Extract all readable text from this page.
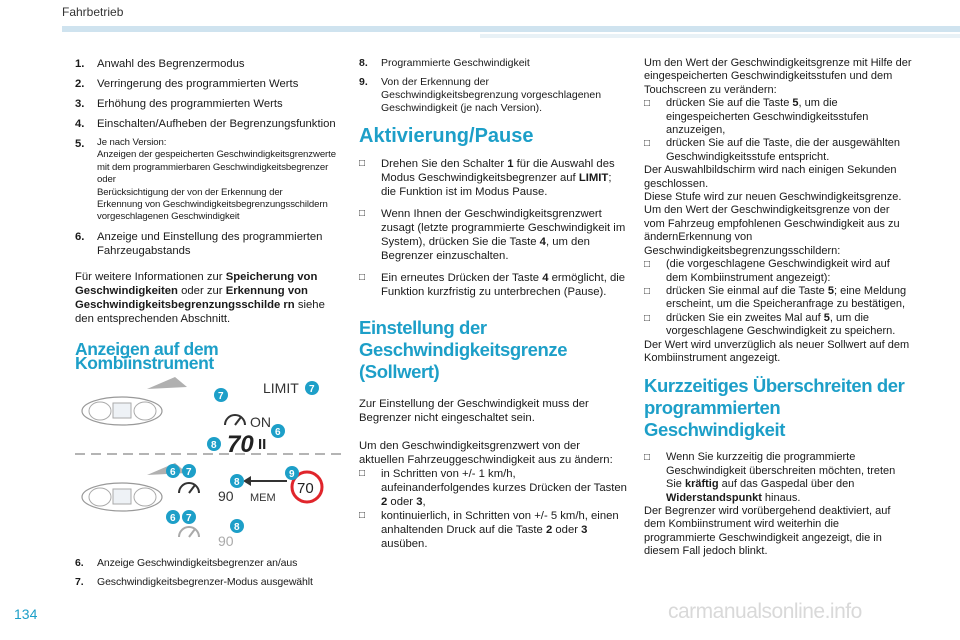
Fahrbetrieb
1.	Anwahl des Begrenzermodus
2.	Verringerung des programmierten Werts
3.	Erhöhung des programmierten Werts
4.	Einschalten/Aufheben der Begrenzungsfunktion
5.	Je nach Version:
Anzeigen der gespeicherten Geschwindigkeitsgrenzwerte
mit dem programmierbaren Geschwindigkeitsbegrenzer
oder
Berücksichtigung der von der Erkennung der
Erkennung von Geschwindigkeitsbegrenzungsschildern
vorgeschlagenen Geschwindigkeit
6.	Anzeige und Einstellung des programmierten
Fahrzeugabstands
Für weitere Informationen zur Speicherung von Geschwindigkeiten oder zur Erkennung von Geschwindigkeitsbegrenzungsschilde rn siehe den entsprechenden Abschnitt.
Anzeigen auf dem Kombiinstrument
LIMIT
ON
70 II
90 MEM
70
90
7
7
6
8
6 7
8
9
6 7
8
6.	Anzeige Geschwindigkeitsbegrenzer an/aus
7.	Geschwindigkeitsbegrenzer-Modus ausgewählt
8.	Programmierte Geschwindigkeit
9.	Von der Erkennung der
Geschwindigkeitsbegrenzung vorgeschlagenen
Geschwindigkeit (je nach Version).
Aktivierung/Pause
□	Drehen Sie den Schalter 1 für die Auswahl des Modus Geschwindigkeitsbegrenzer auf LIMIT; die Funktion ist im Modus Pause.
□	Wenn Ihnen der Geschwindigkeitsgrenzwert zusagt (letzte programmierte Geschwindigkeit im System), drücken Sie die Taste 4, um den Begrenzer einzuschalten.
□	Ein erneutes Drücken der Taste 4 ermöglicht, die Funktion kurzfristig zu unterbrechen (Pause).
Einstellung der
Geschwindigkeitsgrenze (Sollwert)
Zur Einstellung der Geschwindigkeit muss der Begrenzer nicht eingeschaltet sein.
Um den Geschwindigkeitsgrenzwert von der aktuellen Fahrzeuggeschwindigkeit aus zu ändern:
□	in Schritten von +/- 1 km/h,
aufeinanderfolgendes kurzes Drücken der Tasten 2 oder 3,
□	kontinuierlich, in Schritten von +/- 5 km/h, einen anhaltenden Druck auf die Taste 2 oder 3 ausüben.
Um den Wert der Geschwindigkeitsgrenze mit Hilfe der eingespeicherten Geschwindigkeitsstufen und dem Touchscreen zu verändern:
□	drücken Sie auf die Taste 5, um die eingespeicherten Geschwindigkeitsstufen anzuzeigen,
□	drücken Sie auf die Taste, die der ausgewählten Geschwindigkeitsstufe entspricht.
Der Auswahlbildschirm wird nach einigen Sekunden geschlossen.
Diese Stufe wird zur neuen Geschwindigkeitsgrenze.
Um den Wert der Geschwindigkeitsgrenze von der vom Fahrzeug empfohlenen Geschwindigkeit aus zu ändernErkennung von Geschwindigkeitsbegrenzungsschildern:
□	(die vorgeschlagene Geschwindigkeit wird auf dem Kombiinstrument angezeigt):
□	drücken Sie einmal auf die Taste 5; eine Meldung erscheint, um die Speicheranfrage zu bestätigen,
□	drücken Sie ein zweites Mal auf 5, um die vorgeschlagene Geschwindigkeit zu speichern.
Der Wert wird unverzüglich als neuer Sollwert auf dem Kombiinstrument angezeigt.
Kurzzeitiges Überschreiten der
programmierten Geschwindigkeit
□	Wenn Sie kurzzeitig die programmierte Geschwindigkeit überschreiten möchten, treten Sie kräftig auf das Gaspedal über den Widerstandspunkt hinaus.
Der Begrenzer wird vorübergehend deaktiviert, auf dem Kombiinstrument wird weiterhin die programmierte Geschwindigkeit angezeigt, die in diesem Fall jedoch blinkt.
134	carmanualsonline.info
